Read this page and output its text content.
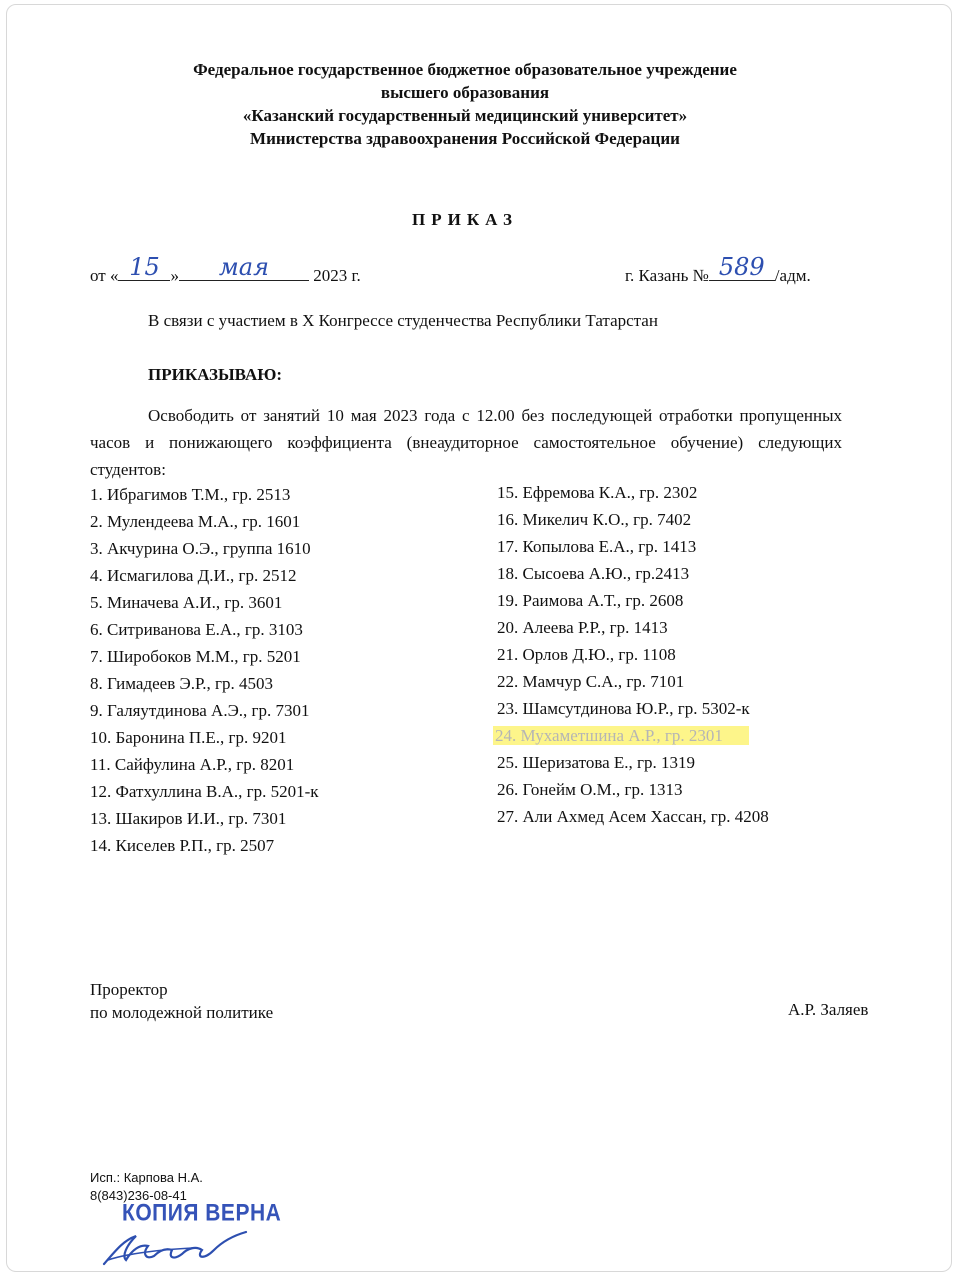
Федеральное государственное бюджетное образовательное учреждение
высшего образования
«Казанский государственный медицинский университет»
Министерства здравоохранения Российской Федерации
ПРИКАЗ
от « 15 »	мая	2023 г.	г. Казань № 589 /адм.
В связи с участием в X Конгрессе студенчества Республики Татарстан
ПРИКАЗЫВАЮ:
Освободить от занятий 10 мая 2023 года с 12.00 без последующей отработки пропущенных часов и понижающего коэффициента (внеаудиторное самостоятельное обучение) следующих студентов:
1. Ибрагимов Т.М., гр. 2513
2. Мулендеева М.А., гр. 1601
3. Акчурина О.Э., группа 1610
4. Исмагилова Д.И., гр. 2512
5. Миначева А.И., гр. 3601
6. Ситриванова Е.А., гр. 3103
7. Широбоков М.М., гр. 5201
8. Гимадеев Э.Р., гр. 4503
9. Галяутдинова А.Э., гр. 7301
10. Баронина П.Е., гр. 9201
11. Сайфулина А.Р., гр. 8201
12. Фатхуллина В.А., гр. 5201-к
13. Шакиров И.И., гр. 7301
14. Киселев Р.П., гр. 2507
15. Ефремова К.А., гр. 2302
16. Микелич К.О., гр. 7402
17. Копылова Е.А., гр. 1413
18. Сысоева А.Ю., гр.2413
19. Раимова А.Т., гр. 2608
20. Алеева Р.Р., гр. 1413
21. Орлов Д.Ю., гр. 1108
22. Мамчур С.А., гр. 7101
23. Шамсутдинова Ю.Р., гр. 5302-к
24. Мухаметшина А.Р., гр. 2301
25. Шеризатова Е., гр. 1319
26. Гонейм О.М., гр. 1313
27. Али Ахмед Асем Хассан, гр. 4208
Проректор
по молодежной политике	А.Р. Заляев
Исп.: Карпова Н.А.
8(843)236-08-41
КОПИЯ ВЕРНА
